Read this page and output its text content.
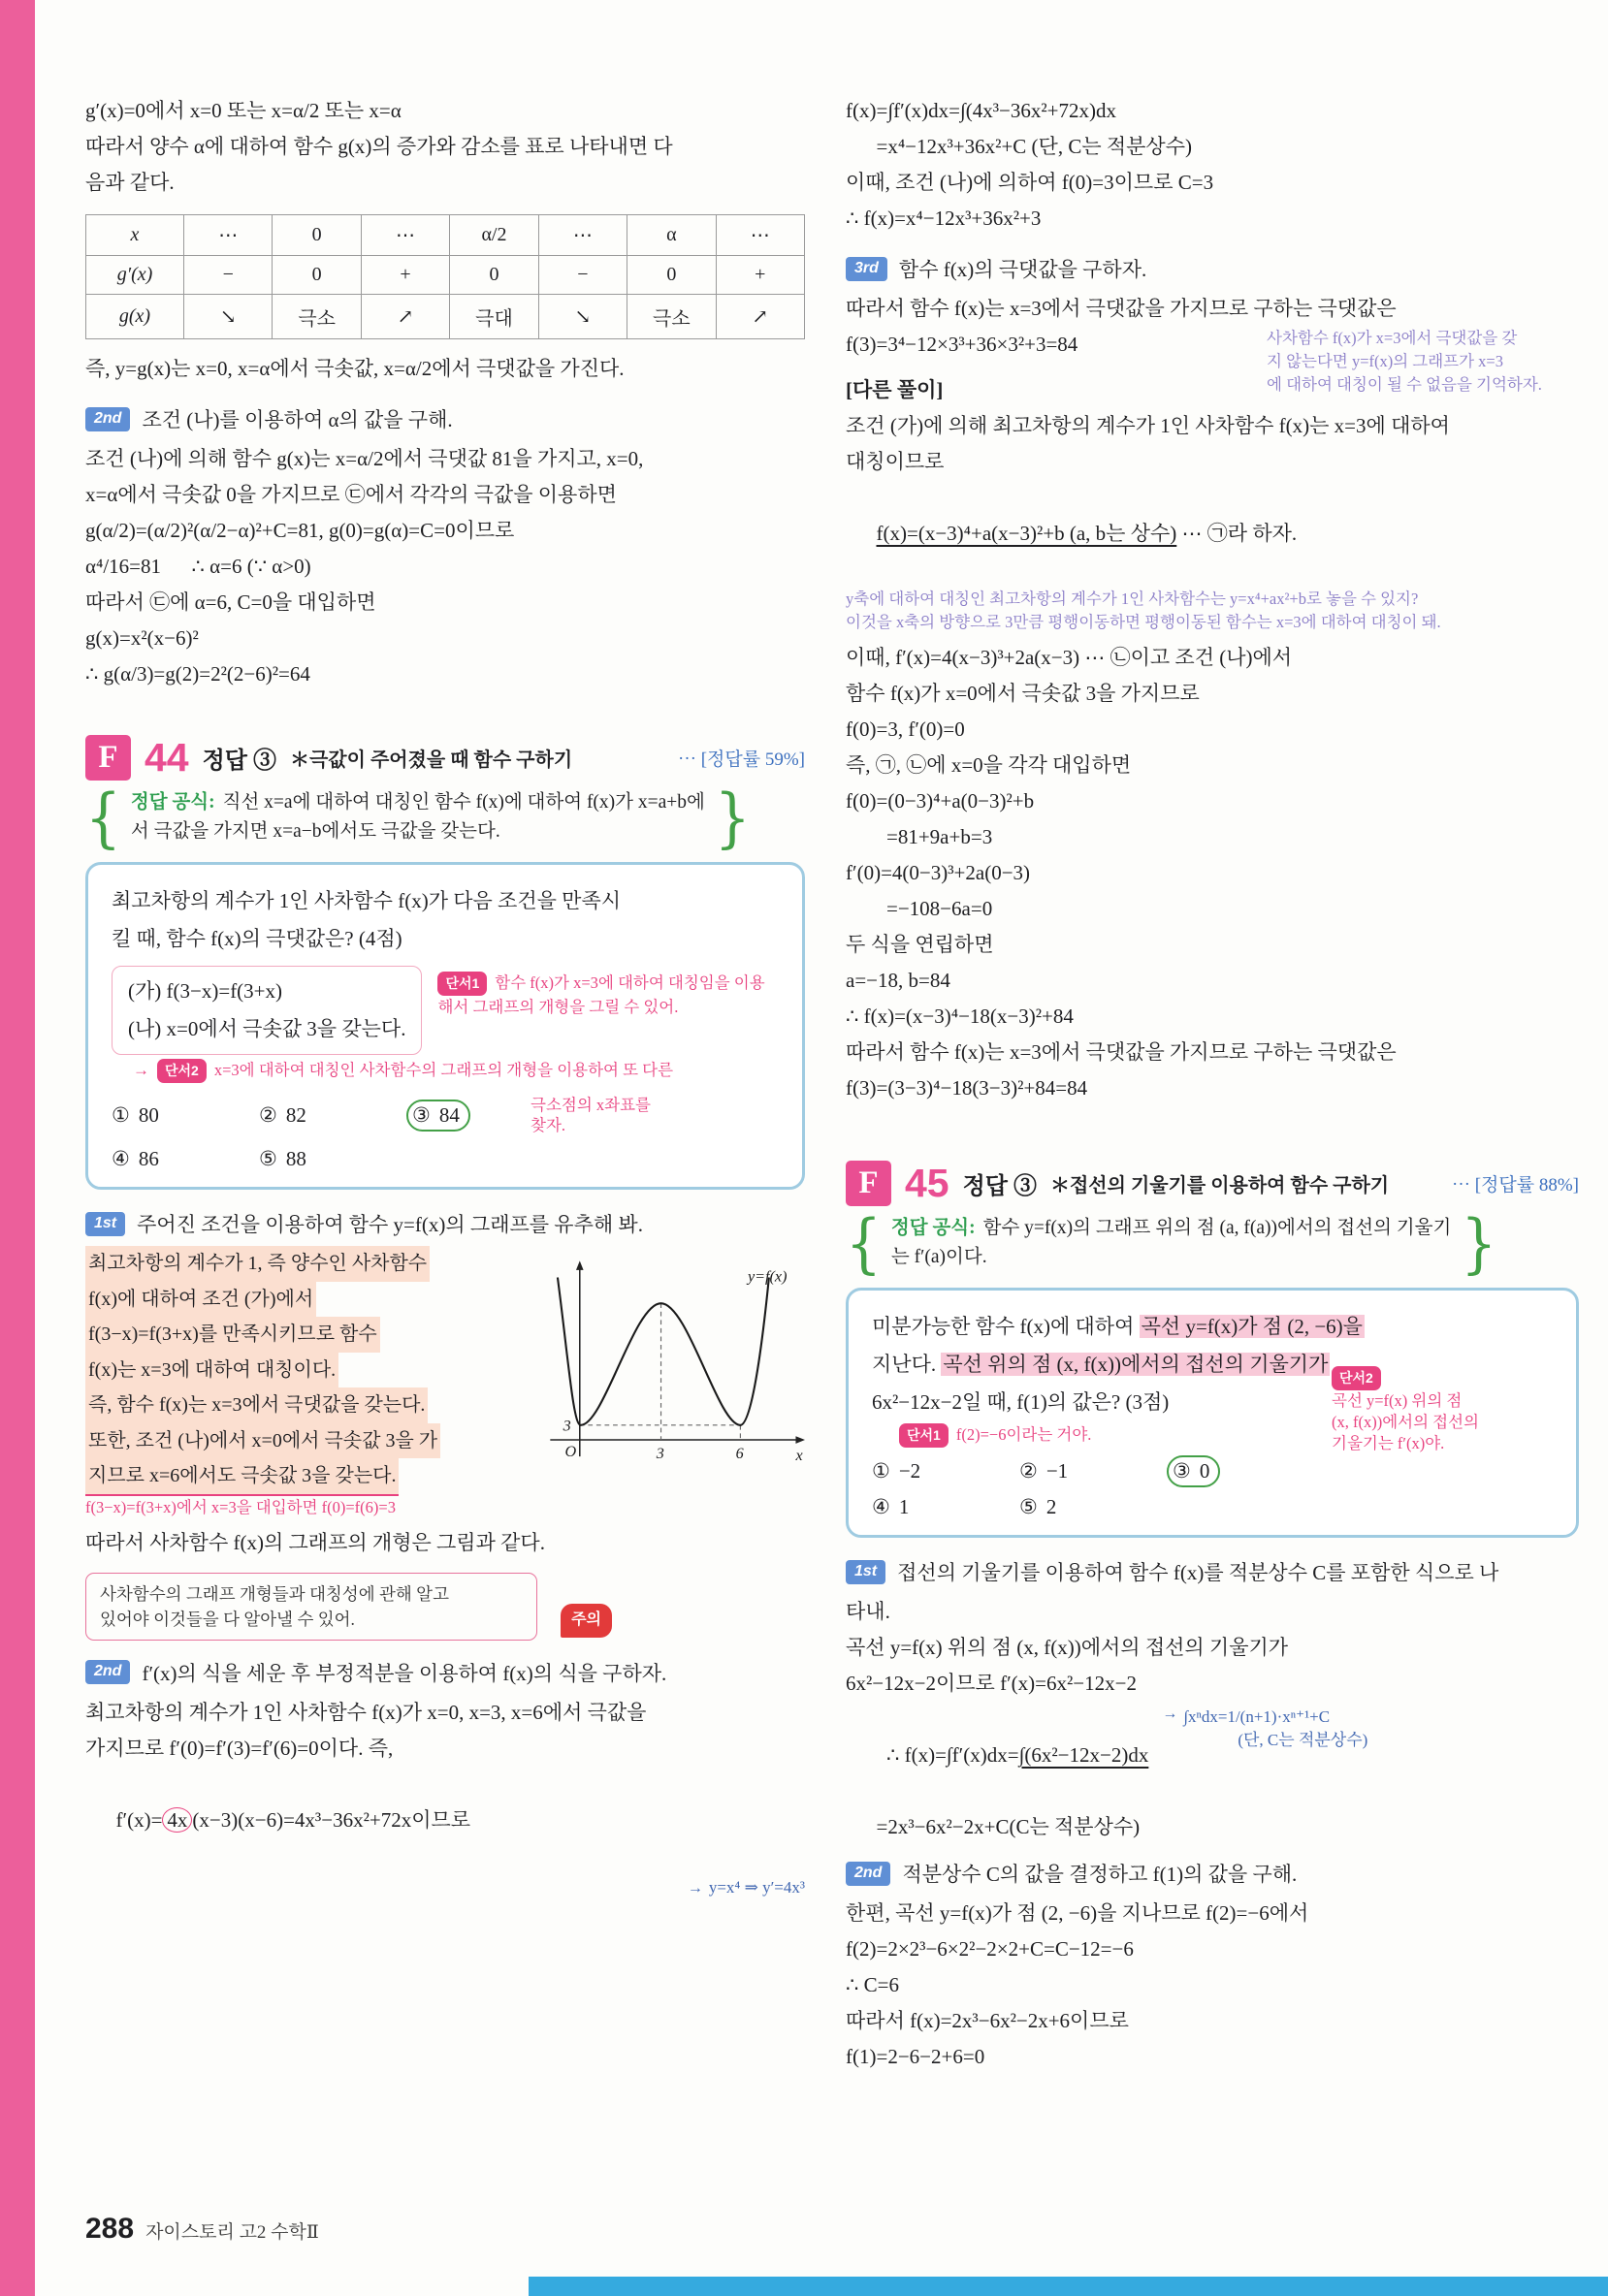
g′(x)=0에서 x=0 또는 x=α/2 또는 x=α
따라서 양수 α에 대하여 함수 g(x)의 증가와 감소를 표로 나타내면 다
음과 같다.
x	⋯	0	⋯	α/2	⋯	α	⋯
g′(x)	−	0	+	0	−	0	+
g(x)	↘	극소	↗	극대	↘	극소	↗
즉, y=g(x)는 x=0, x=α에서 극솟값, x=α/2에서 극댓값을 가진다.
2nd	조건 (나)를 이용하여 α의 값을 구해.
조건 (나)에 의해 함수 g(x)는 x=α/2에서 극댓값 81을 가지고, x=0,
x=α에서 극솟값 0을 가지므로 ㉢에서 각각의 극값을 이용하면
g(α/2)=(α/2)²(α/2−α)²+C=81, g(0)=g(α)=C=0이므로
α⁴/16=81      ∴ α=6 (∵ α>0)
따라서 ㉢에 α=6, C=0을 대입하면
g(x)=x²(x−6)²
∴ g(α/3)=g(2)=2²(2−6)²=64
F 44 정답 ③ ＊극값이 주어졌을 때 함수 구하기	⋯ [정답률 59%]
{
정답 공식: 직선 x=a에 대하여 대칭인 함수 f(x)에 대하여 f(x)가 x=a+b에
서 극값을 가지면 x=a−b에서도 극값을 갖는다.
}
최고차항의 계수가 1인 사차함수 f(x)가 다음 조건을 만족시
킬 때, 함수 f(x)의 극댓값은? (4점)
(가) f(3−x)=f(3+x)
(나) x=0에서 극솟값 3을 갖는다.
단서1 함수 f(x)가 x=3에 대하여 대칭임을 이용
해서 그래프의 개형을 그릴 수 있어.
→ 단서2 x=3에 대하여 대칭인 사차함수의 그래프의 개형을 이용하여 또 다른
① 80	② 82	③ 84	극소점의 x좌표를
찾자.
④ 86	⑤ 88
1st	주어진 조건을 이용하여 함수 y=f(x)의 그래프를 유추해 봐.
최고차항의 계수가 1, 즉 양수인 사차함수
f(x)에 대하여 조건 (가)에서
f(3−x)=f(3+x)를 만족시키므로 함수
f(x)는 x=3에 대하여 대칭이다.
즉, 함수 f(x)는 x=3에서 극댓값을 갖는다.
또한, 조건 (나)에서 x=0에서 극솟값 3을 가
지므로 x=6에서도 극솟값 3을 갖는다.
f(3−x)=f(3+x)에서 x=3을 대입하면 f(0)=f(6)=3
y=f(x)
3
O	3	6	x
따라서 사차함수 f(x)의 그래프의 개형은 그림과 같다.
사차함수의 그래프 개형들과 대칭성에 관해 알고
있어야 이것들을 다 알아낼 수 있어.	주의
2nd	f′(x)의 식을 세운 후 부정적분을 이용하여 f(x)의 식을 구하자.
최고차항의 계수가 1인 사차함수 f(x)가 x=0, x=3, x=6에서 극값을
가지므로 f′(0)=f′(3)=f′(6)=0이다. 즉,

f′(x)= 4x (x−3)(x−6)=4x³−36x²+72x이므로

→ y=x⁴ ⇒ y′=4x³
f(x)=∫f′(x)dx=∫(4x³−36x²+72x)dx
=x⁴−12x³+36x²+C (단, C는 적분상수)
이때, 조건 (나)에 의하여 f(0)=3이므로 C=3
∴ f(x)=x⁴−12x³+36x²+3
3rd	함수 f(x)의 극댓값을 구하자.
따라서 함수 f(x)는 x=3에서 극댓값을 가지므로 구하는 극댓값은
f(3)=3⁴−12×3³+36×3²+3=84	사차함수 f(x)가 x=3에서 극댓값을 갖
지 않는다면 y=f(x)의 그래프가 x=3
에 대하여 대칭이 될 수 없음을 기억하자.
[다른 풀이]
조건 (가)에 의해 최고차항의 계수가 1인 사차함수 f(x)는 x=3에 대하여
대칭이므로

f(x)=(x−3)⁴+a(x−3)²+b (a, b는 상수) ⋯ ㉠라 하자.

y축에 대하여 대칭인 최고차항의 계수가 1인 사차함수는 y=x⁴+ax²+b로 놓을 수 있지?
이것을 x축의 방향으로 3만큼 평행이동하면 평행이동된 함수는 x=3에 대하여 대칭이 돼.
이때, f′(x)=4(x−3)³+2a(x−3) ⋯ ㉡이고 조건 (나)에서
함수 f(x)가 x=0에서 극솟값 3을 가지므로
f(0)=3, f′(0)=0
즉, ㉠, ㉡에 x=0을 각각 대입하면
f(0)=(0−3)⁴+a(0−3)²+b
=81+9a+b=3
f′(0)=4(0−3)³+2a(0−3)
=−108−6a=0
두 식을 연립하면
a=−18, b=84
∴ f(x)=(x−3)⁴−18(x−3)²+84
따라서 함수 f(x)는 x=3에서 극댓값을 가지므로 구하는 극댓값은
f(3)=(3−3)⁴−18(3−3)²+84=84
F 45 정답 ③ ＊접선의 기울기를 이용하여 함수 구하기	⋯ [정답률 88%]
{
정답 공식: 함수 y=f(x)의 그래프 위의 점 (a, f(a))에서의 접선의 기울기
는 f′(a)이다.
}
미분가능한 함수 f(x)에 대하여 곡선 y=f(x)가 점 (2, −6)을
지난다. 곡선 위의 점 (x, f(x))에서의 접선의 기울기가
6x²−12x−2일 때, f(1)의 값은? (3점)
단서1 f(2)=−6이라는 거야.
단서2
곡선 y=f(x) 위의 점
(x, f(x))에서의 접선의
기울기는 f′(x)야.
① −2	② −1	③ 0
④ 1	⑤ 2
1st	접선의 기울기를 이용하여 함수 f(x)를 적분상수 C를 포함한 식으로 나
타내.
곡선 y=f(x) 위의 점 (x, f(x))에서의 접선의 기울기가
6x²−12x−2이므로 f′(x)=6x²−12x−2

∴ f(x)=∫f′(x)dx=∫(6x²−12x−2)dx

→
∫xⁿdx=1/(n+1)·xⁿ⁺¹+C
(단, C는 적분상수)
=2x³−6x²−2x+C(C는 적분상수)
2nd	적분상수 C의 값을 결정하고 f(1)의 값을 구해.
한편, 곡선 y=f(x)가 점 (2, −6)을 지나므로 f(2)=−6에서
f(2)=2×2³−6×2²−2×2+C=C−12=−6
∴ C=6
따라서 f(x)=2x³−6x²−2x+6이므로
f(1)=2−6−2+6=0
288 자이스토리 고2 수학Ⅱ
